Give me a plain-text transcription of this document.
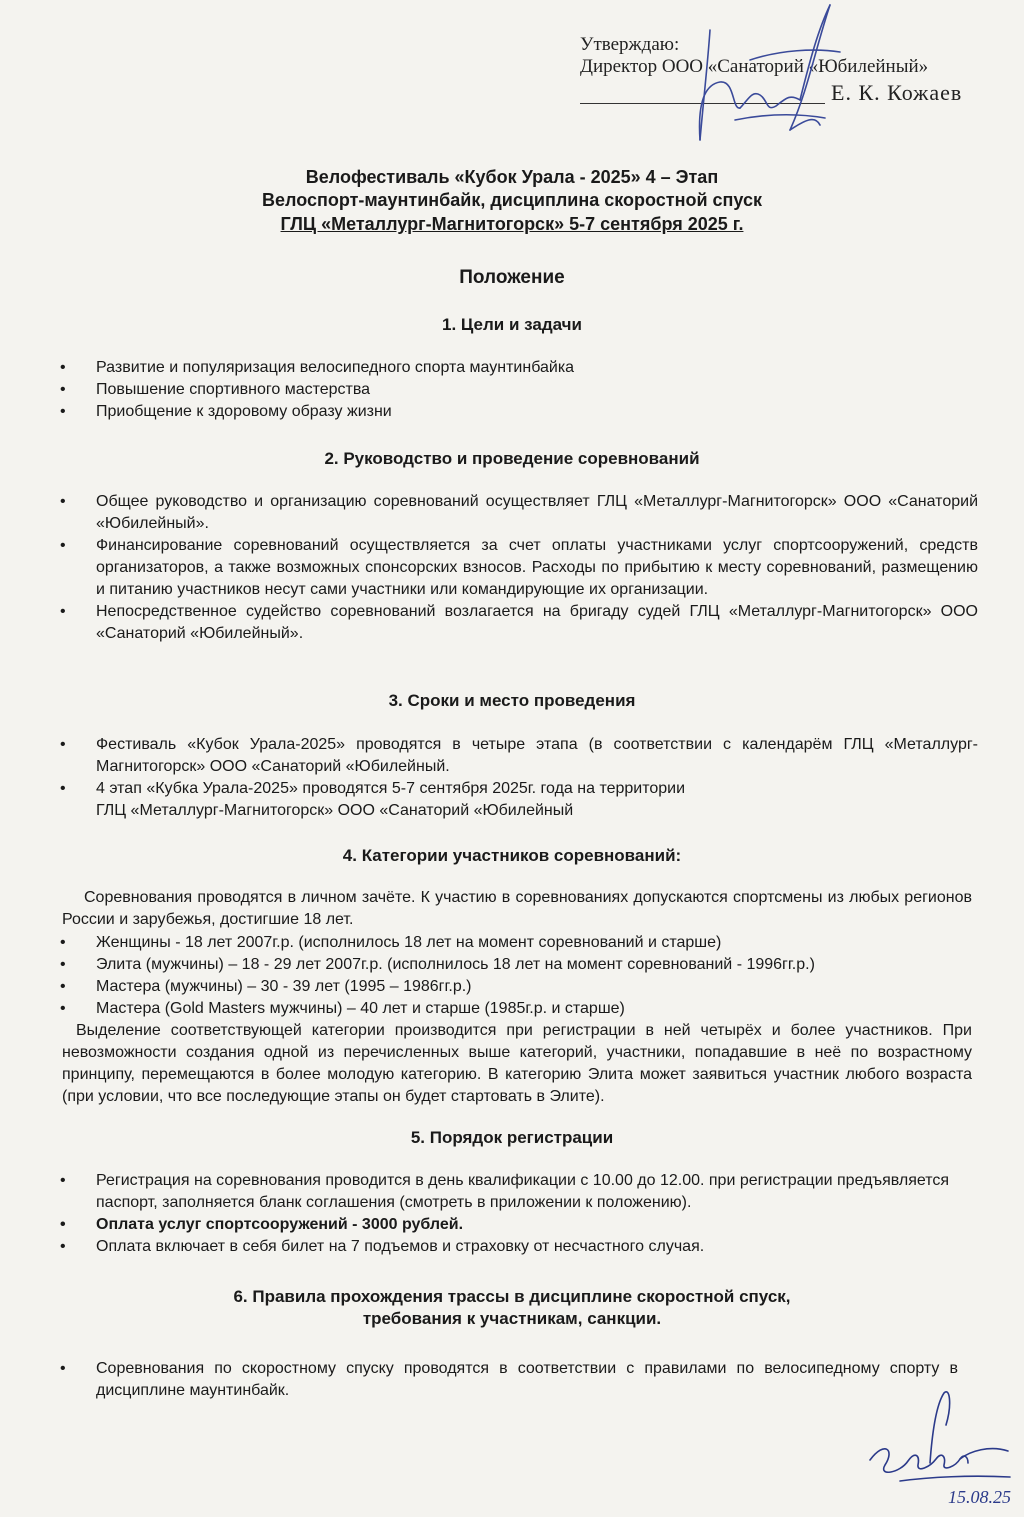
Утверждаю:
Директор ООО «Санаторий «Юбилейный»
Е. К. Кожаев
Велофестиваль «Кубок Урала - 2025» 4 – Этап
Велоспорт-маунтинбайк, дисциплина скоростной спуск
ГЛЦ «Металлург-Магнитогорск» 5-7 сентября 2025 г.
Положение
1. Цели и задачи
• Развитие и популяризация велосипедного спорта маунтинбайка
• Повышение спортивного мастерства
• Приобщение к здоровому образу жизни
2. Руководство и проведение соревнований
• Общее руководство и организацию соревнований осуществляет ГЛЦ «Металлург-Магнитогорск» ООО «Санаторий «Юбилейный».
• Финансирование соревнований осуществляется за счет оплаты участниками услуг спортсооружений, средств организаторов, а также возможных спонсорских взносов. Расходы по прибытию к месту соревнований, размещению и питанию участников несут сами участники или командирующие их организации.
• Непосредственное судейство соревнований возлагается на бригаду судей ГЛЦ «Металлург-Магнитогорск» ООО «Санаторий «Юбилейный».
3. Сроки и место проведения
• Фестиваль «Кубок Урала-2025» проводятся в четыре этапа (в соответствии с календарём ГЛЦ «Металлург-Магнитогорск» ООО «Санаторий «Юбилейный.
• 4 этап «Кубка Урала-2025» проводятся 5-7 сентября 2025г. года на территории
ГЛЦ «Металлург-Магнитогорск» ООО «Санаторий «Юбилейный
4. Категории участников соревнований:
Соревнования проводятся в личном зачёте. К участию в соревнованиях допускаются спортсмены из любых регионов России и зарубежья, достигшие 18 лет.
• Женщины - 18 лет 2007г.р. (исполнилось 18 лет на момент соревнований и старше)
• Элита (мужчины) – 18 - 29 лет 2007г.р. (исполнилось 18 лет на момент соревнований - 1996гг.р.)
• Мастера (мужчины) – 30 - 39 лет (1995 – 1986гг.р.)
• Мастера (Gold Masters мужчины) – 40 лет и старше (1985г.р. и старше)
Выделение соответствующей категории производится при регистрации в ней четырёх и более участников. При невозможности создания одной из перечисленных выше категорий, участники, попадавшие в неё по возрастному принципу, перемещаются в более молодую категорию. В категорию Элита может заявиться участник любого возраста (при условии, что все последующие этапы он будет стартовать в Элите).
5. Порядок регистрации
• Регистрация на соревнования проводится в день квалификации с 10.00 до 12.00. при регистрации предъявляется паспорт, заполняется бланк соглашения (смотреть в приложении к положению).
• Оплата услуг спортсооружений - 3000 рублей.
• Оплата включает в себя билет на 7 подъемов и страховку от несчастного случая.
6. Правила прохождения трассы в дисциплине скоростной спуск,
требования к участникам, санкции.
• Соревнования по скоростному спуску проводятся в соответствии с правилами по велосипедному спорту в дисциплине маунтинбайк.
15.08.25
